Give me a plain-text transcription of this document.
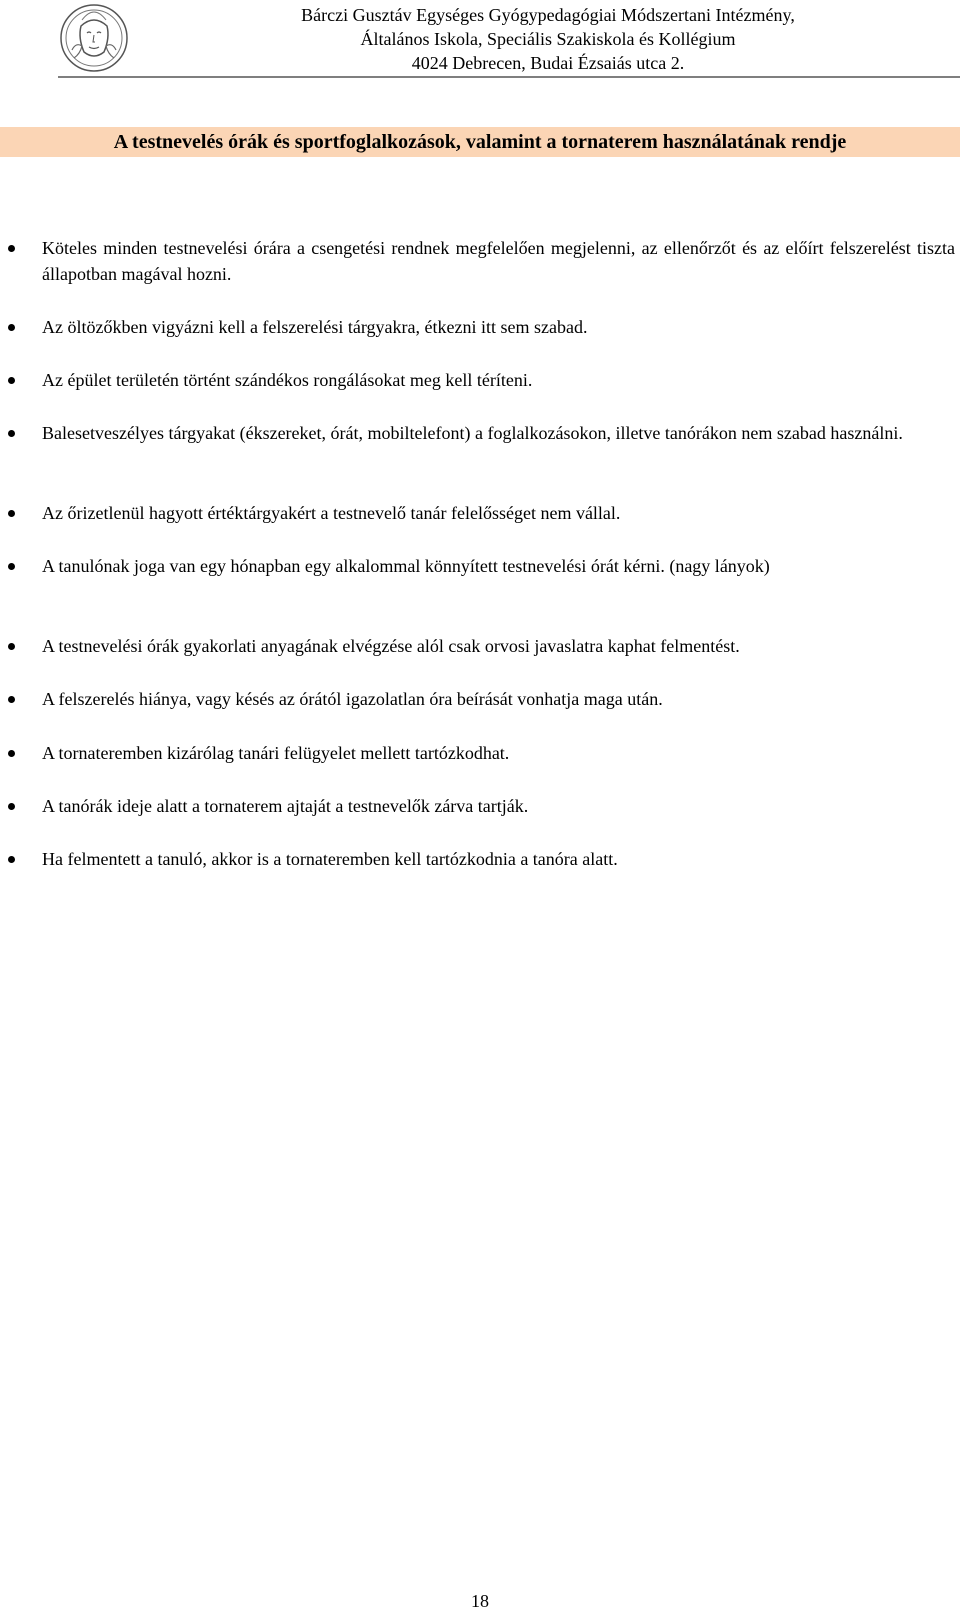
Bárczi Gusztáv Egységes Gyógypedagógiai Módszertani Intézmény,
Általános Iskola, Speciális Szakiskola és Kollégium
4024 Debrecen, Budai Ézsaiás utca 2.
A testnevelés órák és sportfoglalkozások, valamint a tornaterem használatának rendje
Köteles minden testnevelési órára a csengetési rendnek megfelelően megjelenni, az ellenőrzőt és az előírt felszerelést tiszta állapotban magával hozni.
Az öltözőkben vigyázni kell a felszerelési tárgyakra, étkezni itt sem szabad.
Az épület területén történt szándékos rongálásokat meg kell téríteni.
Balesetveszélyes tárgyakat (ékszereket, órát, mobiltelefont) a foglalkozásokon, illetve tanórákon nem szabad használni.
Az őrizetlenül hagyott értéktárgyakért a testnevelő tanár felelősséget nem vállal.
A tanulónak joga van egy hónapban egy alkalommal könnyített testnevelési órát kérni. (nagy lányok)
A testnevelési órák gyakorlati anyagának elvégzése alól csak orvosi javaslatra kaphat felmentést.
A felszerelés hiánya, vagy késés az órától igazolatlan óra beírását vonhatja maga után.
A tornateremben kizárólag tanári felügyelet mellett tartózkodhat.
A tanórák ideje alatt a tornaterem ajtaját a testnevelők zárva tartják.
Ha felmentett a tanuló, akkor is a tornateremben kell tartózkodnia a tanóra alatt.
18
